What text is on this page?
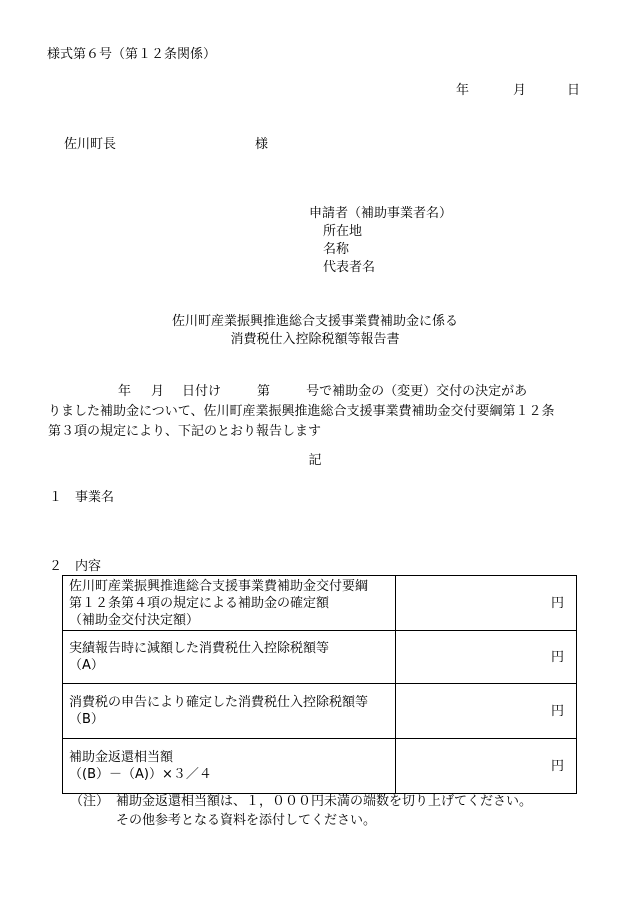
様式第６号（第１２条関係）
年	月	日
佐川町長	様
申請者（補助事業者名）
所在地
名称
代表者名
佐川町産業振興推進総合支援事業費補助金に係る
消費税仕入控除税額等報告書
年 月 日付け	第	号で補助金の（変更）交付の決定があ
りました補助金について、佐川町産業振興推進総合支援事業費補助金交付要綱第１２条
第３項の規定により、下記のとおり報告します
記
１　事業名
２　内容
佐川町産業振興推進総合支援事業費補助金交付要綱
第１２条第４項の規定による補助金の確定額
（補助金交付決定額）	円

実績報告時に減額した消費税仕入控除税額等
（A）	円

消費税の申告により確定した消費税仕入控除税額等
（B）	円

補助金返還相当額
（(B）－（A)）×３／４	円
（注） 補助金返還相当額は、１，０００円未満の端数を切り上げてください。
その他参考となる資料を添付してください。
